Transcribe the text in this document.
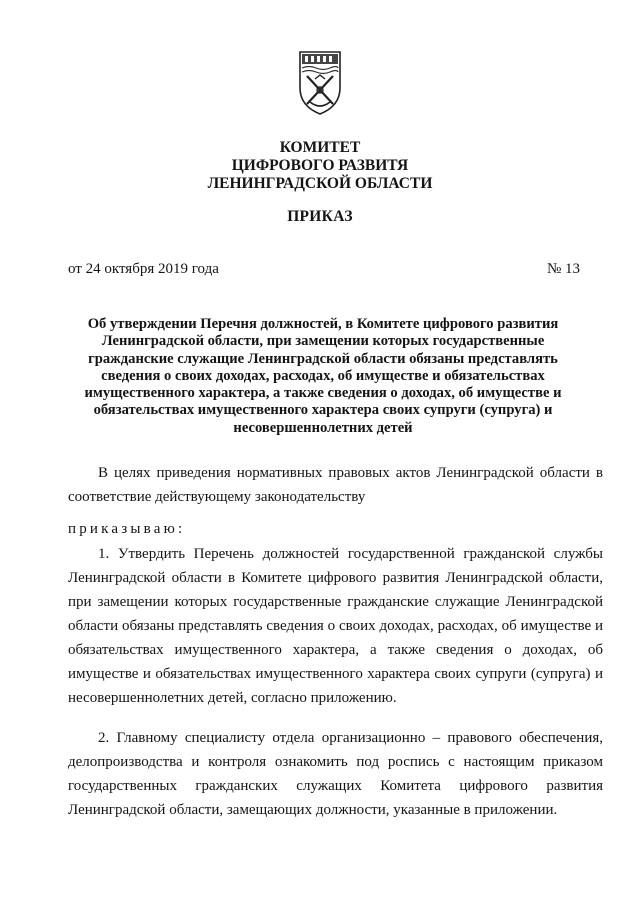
КОМИТЕТ
ЦИФРОВОГО РАЗВИТЯ
ЛЕНИНГРАДСКОЙ ОБЛАСТИ
ПРИКАЗ
от 24 октября 2019 года	№ 13
Об утверждении Перечня должностей, в Комитете цифрового развития
Ленинградской области, при замещении которых государственные
гражданские служащие Ленинградской области обязаны представлять
сведения о своих доходах, расходах, об имуществе и обязательствах
имущественного характера, а также сведения о доходах, об имуществе и
обязательствах имущественного характера своих супруги (супруга) и
несовершеннолетних детей
В целях приведения нормативных правовых актов Ленинградской области в
соответствие действующему законодательству
приказываю:
1. Утвердить Перечень должностей государственной гражданской службы
Ленинградской области в Комитете цифрового развития Ленинградской области,
при замещении которых государственные гражданские служащие Ленинградской
области обязаны представлять сведения о своих доходах, расходах, об имуществе и
обязательствах имущественного характера, а также сведения о доходах, об
имуществе и обязательствах имущественного характера своих супруги (супруга) и
несовершеннолетних детей, согласно приложению.
2. Главному специалисту отдела организационно – правового обеспечения,
делопроизводства и контроля ознакомить под роспись с настоящим приказом
государственных гражданских служащих Комитета цифрового развития
Ленинградской области, замещающих должности, указанные в приложении.
